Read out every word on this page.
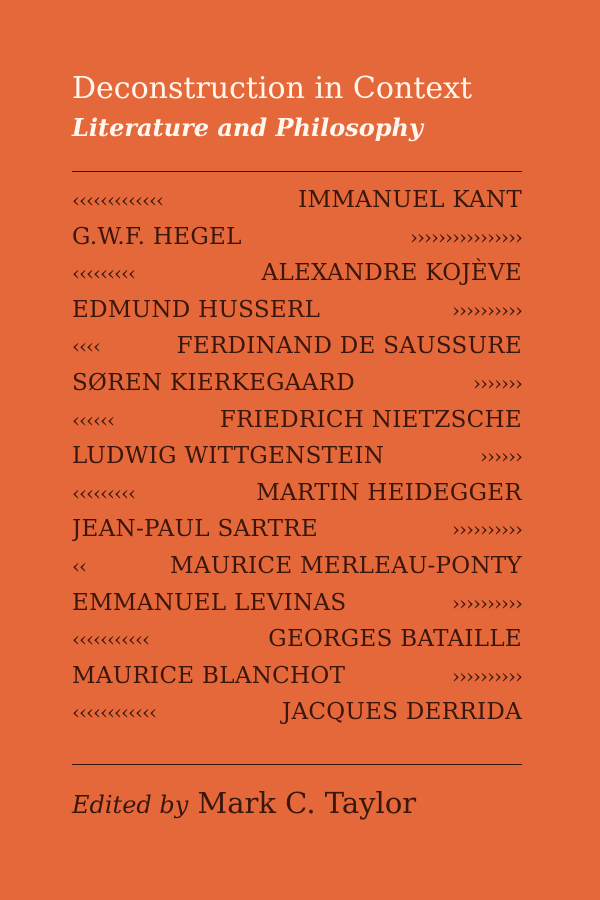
Deconstruction in Context
Literature and Philosophy
‹‹‹‹‹‹‹‹‹‹‹‹‹	IMMANUEL KANT
G.W.F. HEGEL	››››››››››››››››
‹‹‹‹‹‹‹‹‹	ALEXANDRE KOJÈVE
EDMUND HUSSERL	››››››››››
‹‹‹‹	FERDINAND DE SAUSSURE
SØREN KIERKEGAARD	›››››››
‹‹‹‹‹‹	FRIEDRICH NIETZSCHE
LUDWIG WITTGENSTEIN	››››››
‹‹‹‹‹‹‹‹‹	MARTIN HEIDEGGER
JEAN-PAUL SARTRE	››››››››››
‹‹	MAURICE MERLEAU-PONTY
EMMANUEL LEVINAS	››››››››››
‹‹‹‹‹‹‹‹‹‹‹	GEORGES BATAILLE
MAURICE BLANCHOT	››››››››››
‹‹‹‹‹‹‹‹‹‹‹‹	JACQUES DERRIDA

Edited by Mark C. Taylor
